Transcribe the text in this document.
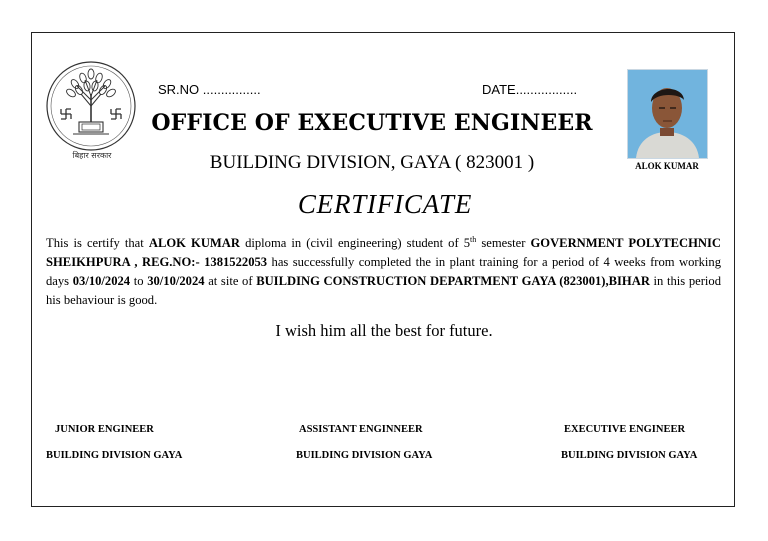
बिहार सरकार
SR.NO ................	DATE.................
OFFICE OF EXECUTIVE ENGINEER
BUILDING DIVISION, GAYA ( 823001 )	ALOK KUMAR
CERTIFICATE
This is certify that ALOK KUMAR diploma in (civil engineering) student of 5th semester GOVERNMENT POLYTECHNIC SHEIKHPURA , REG.NO:- 1381522053 has successfully completed the in plant training for a period of 4 weeks from working days 03/10/2024 to 30/10/2024 at site of BUILDING CONSTRUCTION DEPARTMENT GAYA (823001),BIHAR in this period his behaviour is good.
I wish him all the best for future.
JUNIOR ENGINEER
BUILDING DIVISION GAYA
ASSISTANT ENGINNEER
BUILDING DIVISION GAYA
EXECUTIVE ENGINEER
BUILDING DIVISION GAYA
